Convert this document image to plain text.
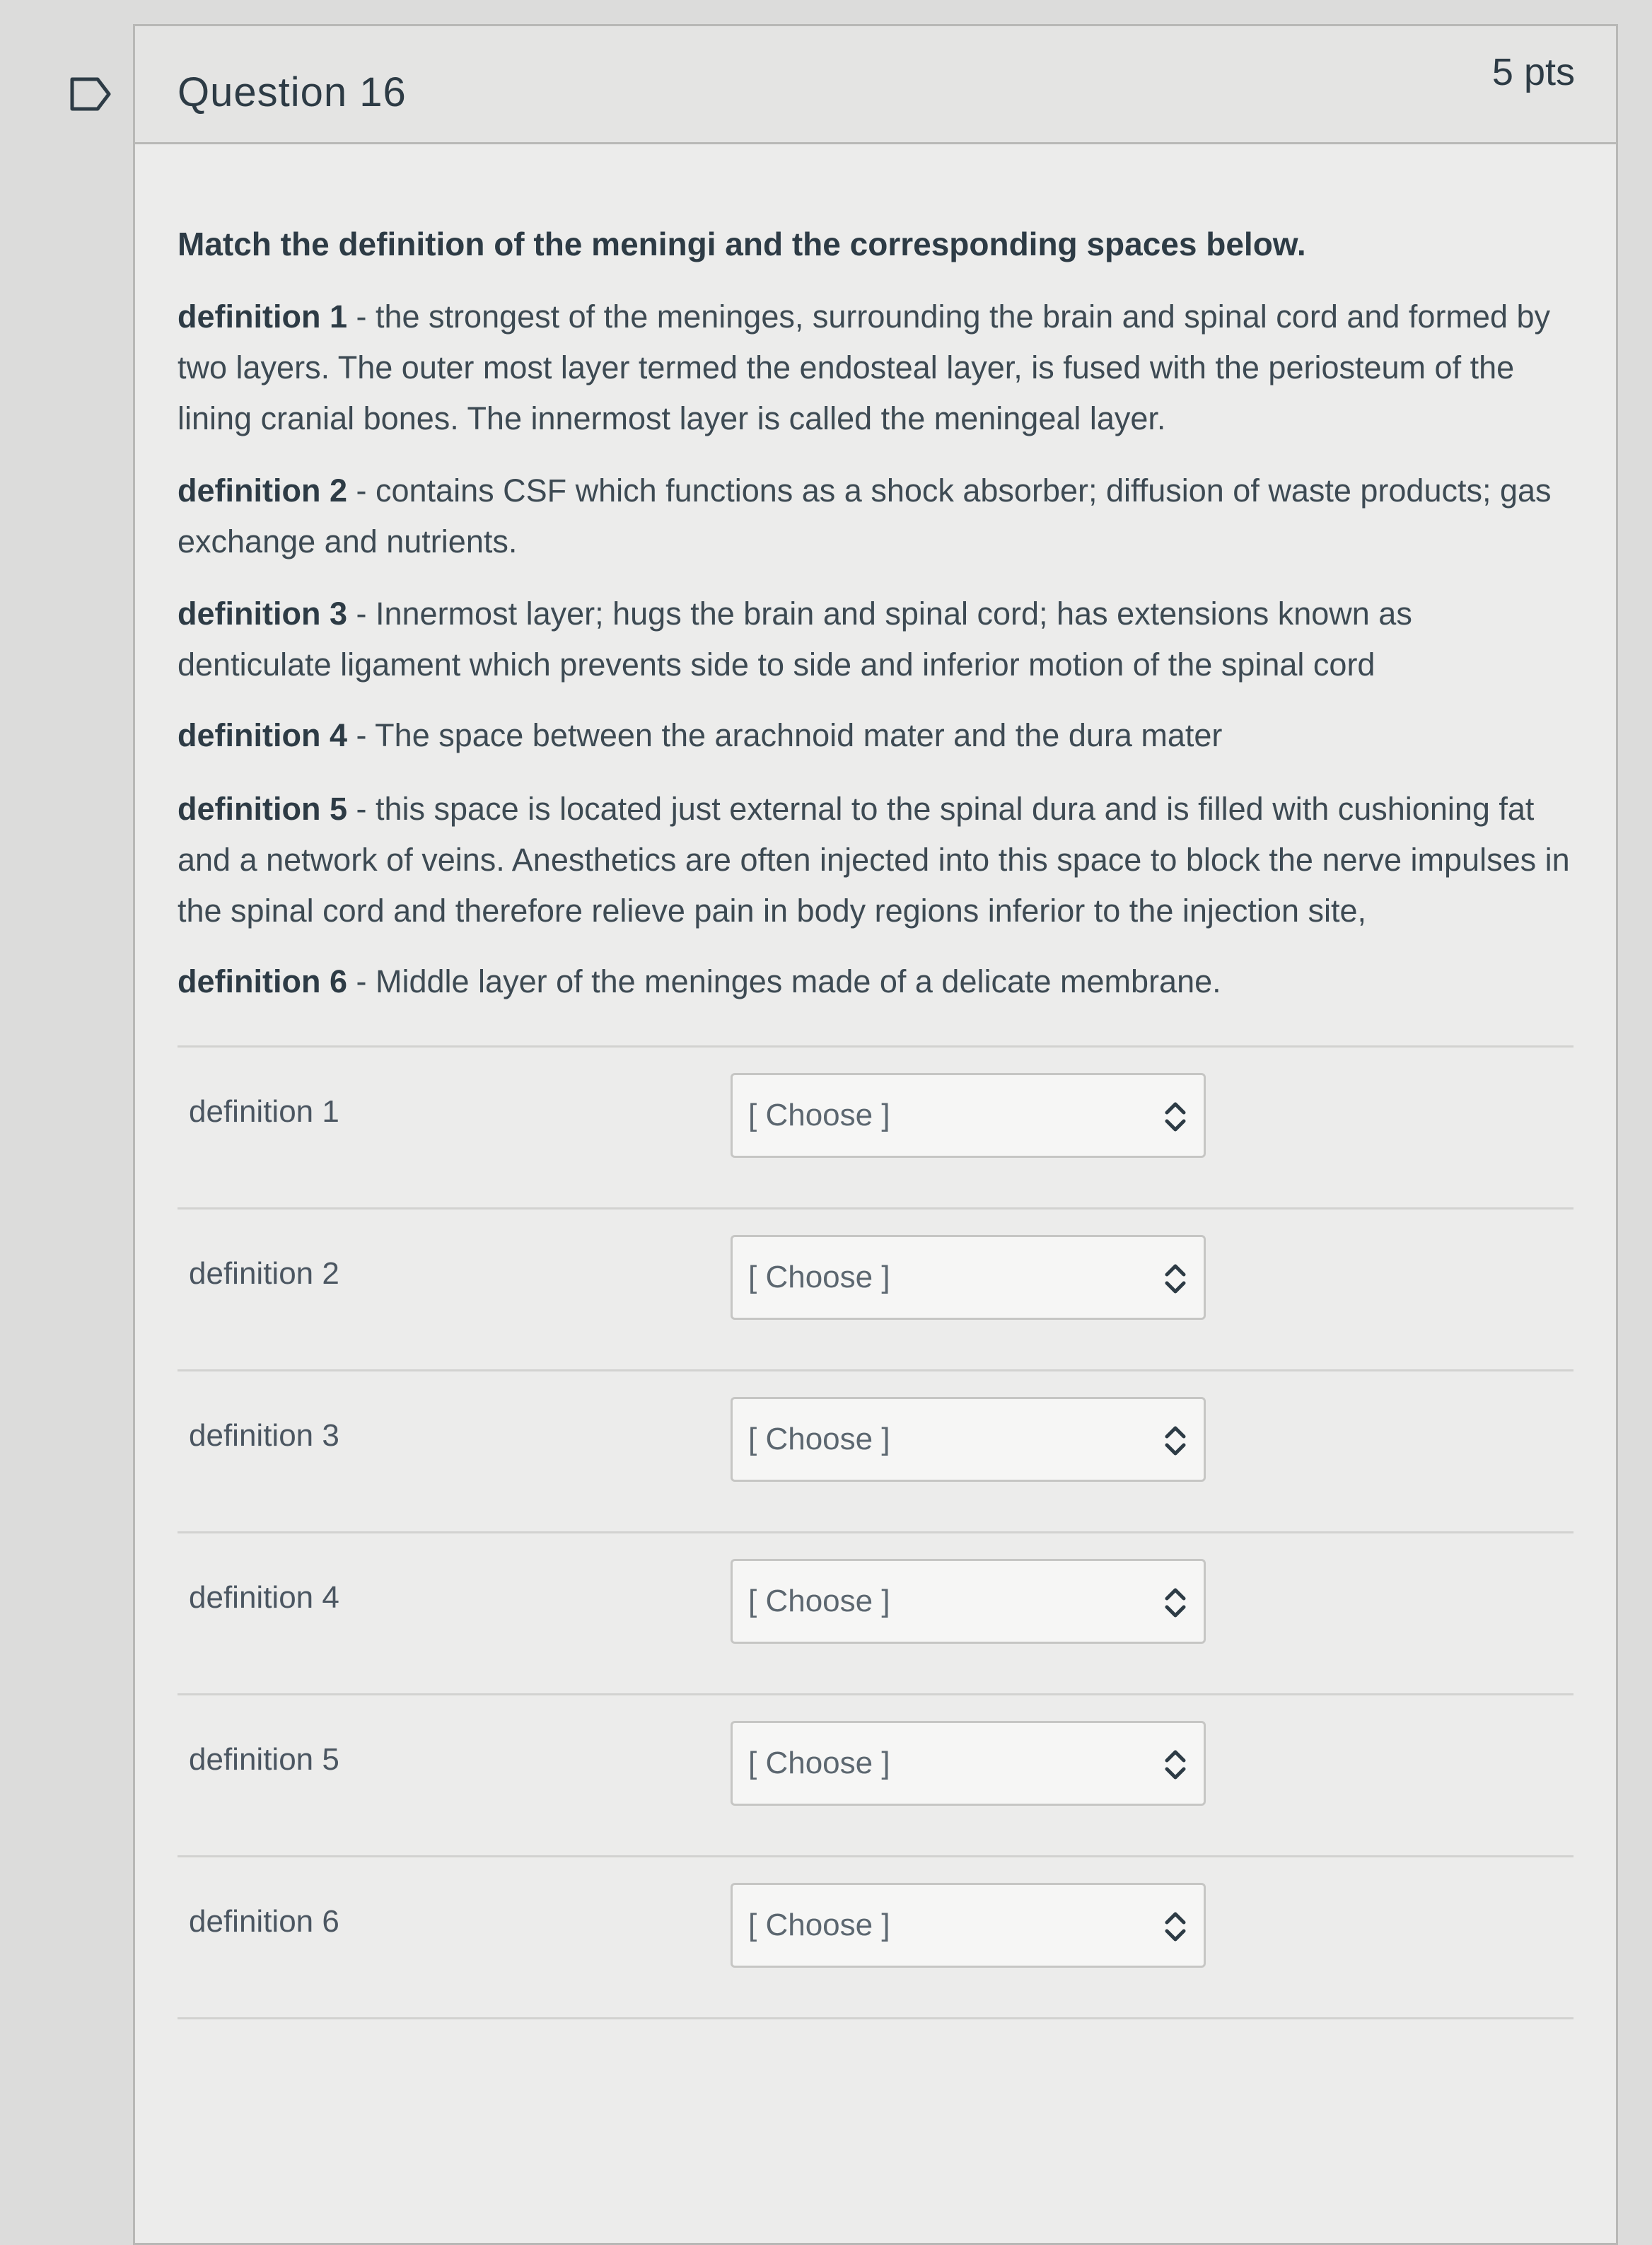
Question 16	5 pts
Match the definition of the meningi and the corresponding spaces below.
definition 1 - the strongest of the meninges, surrounding the brain and spinal cord and formed by two layers. The outer most layer termed the endosteal layer, is fused with the periosteum of the lining cranial bones. The innermost layer is called the meningeal layer.
definition 2 - contains CSF which functions as a shock absorber; diffusion of waste products; gas exchange and nutrients.
definition 3 - Innermost layer; hugs the brain and spinal cord; has extensions known as denticulate ligament which prevents side to side and inferior motion of the spinal cord
definition 4 - The space between the arachnoid mater and the dura mater
definition 5 - this space is located just external to the spinal dura and is filled with cushioning fat and a network of veins. Anesthetics are often injected into this space to block the nerve impulses in the spinal cord and therefore relieve pain in body regions inferior to the injection site,
definition 6 - Middle layer of the meninges made of a delicate membrane.
definition 1	[ Choose ]
definition 2	[ Choose ]
definition 3	[ Choose ]
definition 4	[ Choose ]
definition 5	[ Choose ]
definition 6	[ Choose ]
